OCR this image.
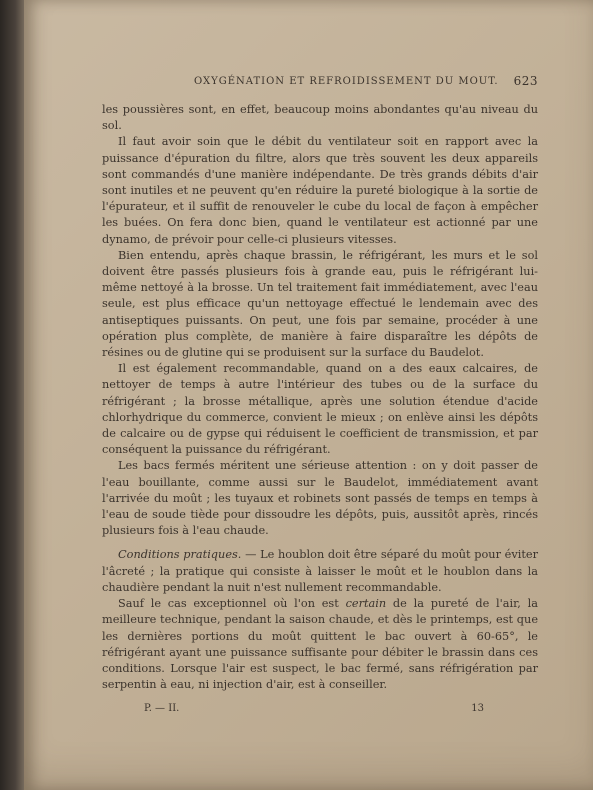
OXYGÉNATION ET REFROIDISSEMENT DU MOUT. 623

les poussières sont, en effet, beaucoup moins abondantes qu'au niveau du sol.

Il faut avoir soin que le débit du ventilateur soit en rapport avec la puissance d'épuration du filtre, alors que très souvent les deux appareils sont commandés d'une manière indépendante. De très grands débits d'air sont inutiles et ne peuvent qu'en réduire la pureté biologique à la sortie de l'épurateur, et il suffit de renouveler le cube du local de façon à empêcher les buées. On fera donc bien, quand le ventilateur est actionné par une dynamo, de prévoir pour celle-ci plusieurs vitesses.

Bien entendu, après chaque brassin, le réfrigérant, les murs et le sol doivent être passés plusieurs fois à grande eau, puis le réfrigérant lui-même nettoyé à la brosse. Un tel traitement fait immédiatement, avec l'eau seule, est plus efficace qu'un nettoyage effectué le lendemain avec des antiseptiques puissants. On peut, une fois par semaine, procéder à une opération plus complète, de manière à faire disparaître les dépôts de résines ou de glutine qui se produisent sur la surface du Baudelot.

Il est également recommandable, quand on a des eaux calcaires, de nettoyer de temps à autre l'intérieur des tubes ou de la surface du réfrigérant ; la brosse métallique, après une solution étendue d'acide chlorhydrique du commerce, convient le mieux ; on enlève ainsi les dépôts de calcaire ou de gypse qui réduisent le coefficient de transmission, et par conséquent la puissance du réfrigérant.

Les bacs fermés méritent une sérieuse attention : on y doit passer de l'eau bouillante, comme aussi sur le Baudelot, immédiatement avant l'arrivée du moût ; les tuyaux et robinets sont passés de temps en temps à l'eau de soude tiède pour dissoudre les dépôts, puis, aussitôt après, rincés plusieurs fois à l'eau chaude.

Conditions pratiques. — Le houblon doit être séparé du moût pour éviter l'âcreté ; la pratique qui consiste à laisser le moût et le houblon dans la chaudière pendant la nuit n'est nullement recommandable.

Sauf le cas exceptionnel où l'on est certain de la pureté de l'air, la meilleure technique, pendant la saison chaude, et dès le printemps, est que les dernières portions du moût quittent le bac ouvert à 60-65°, le réfrigérant ayant une puissance suffisante pour débiter le brassin dans ces conditions. Lorsque l'air est suspect, le bac fermé, sans réfrigération par serpentin à eau, ni injection d'air, est à conseiller.

P. — II.	13
